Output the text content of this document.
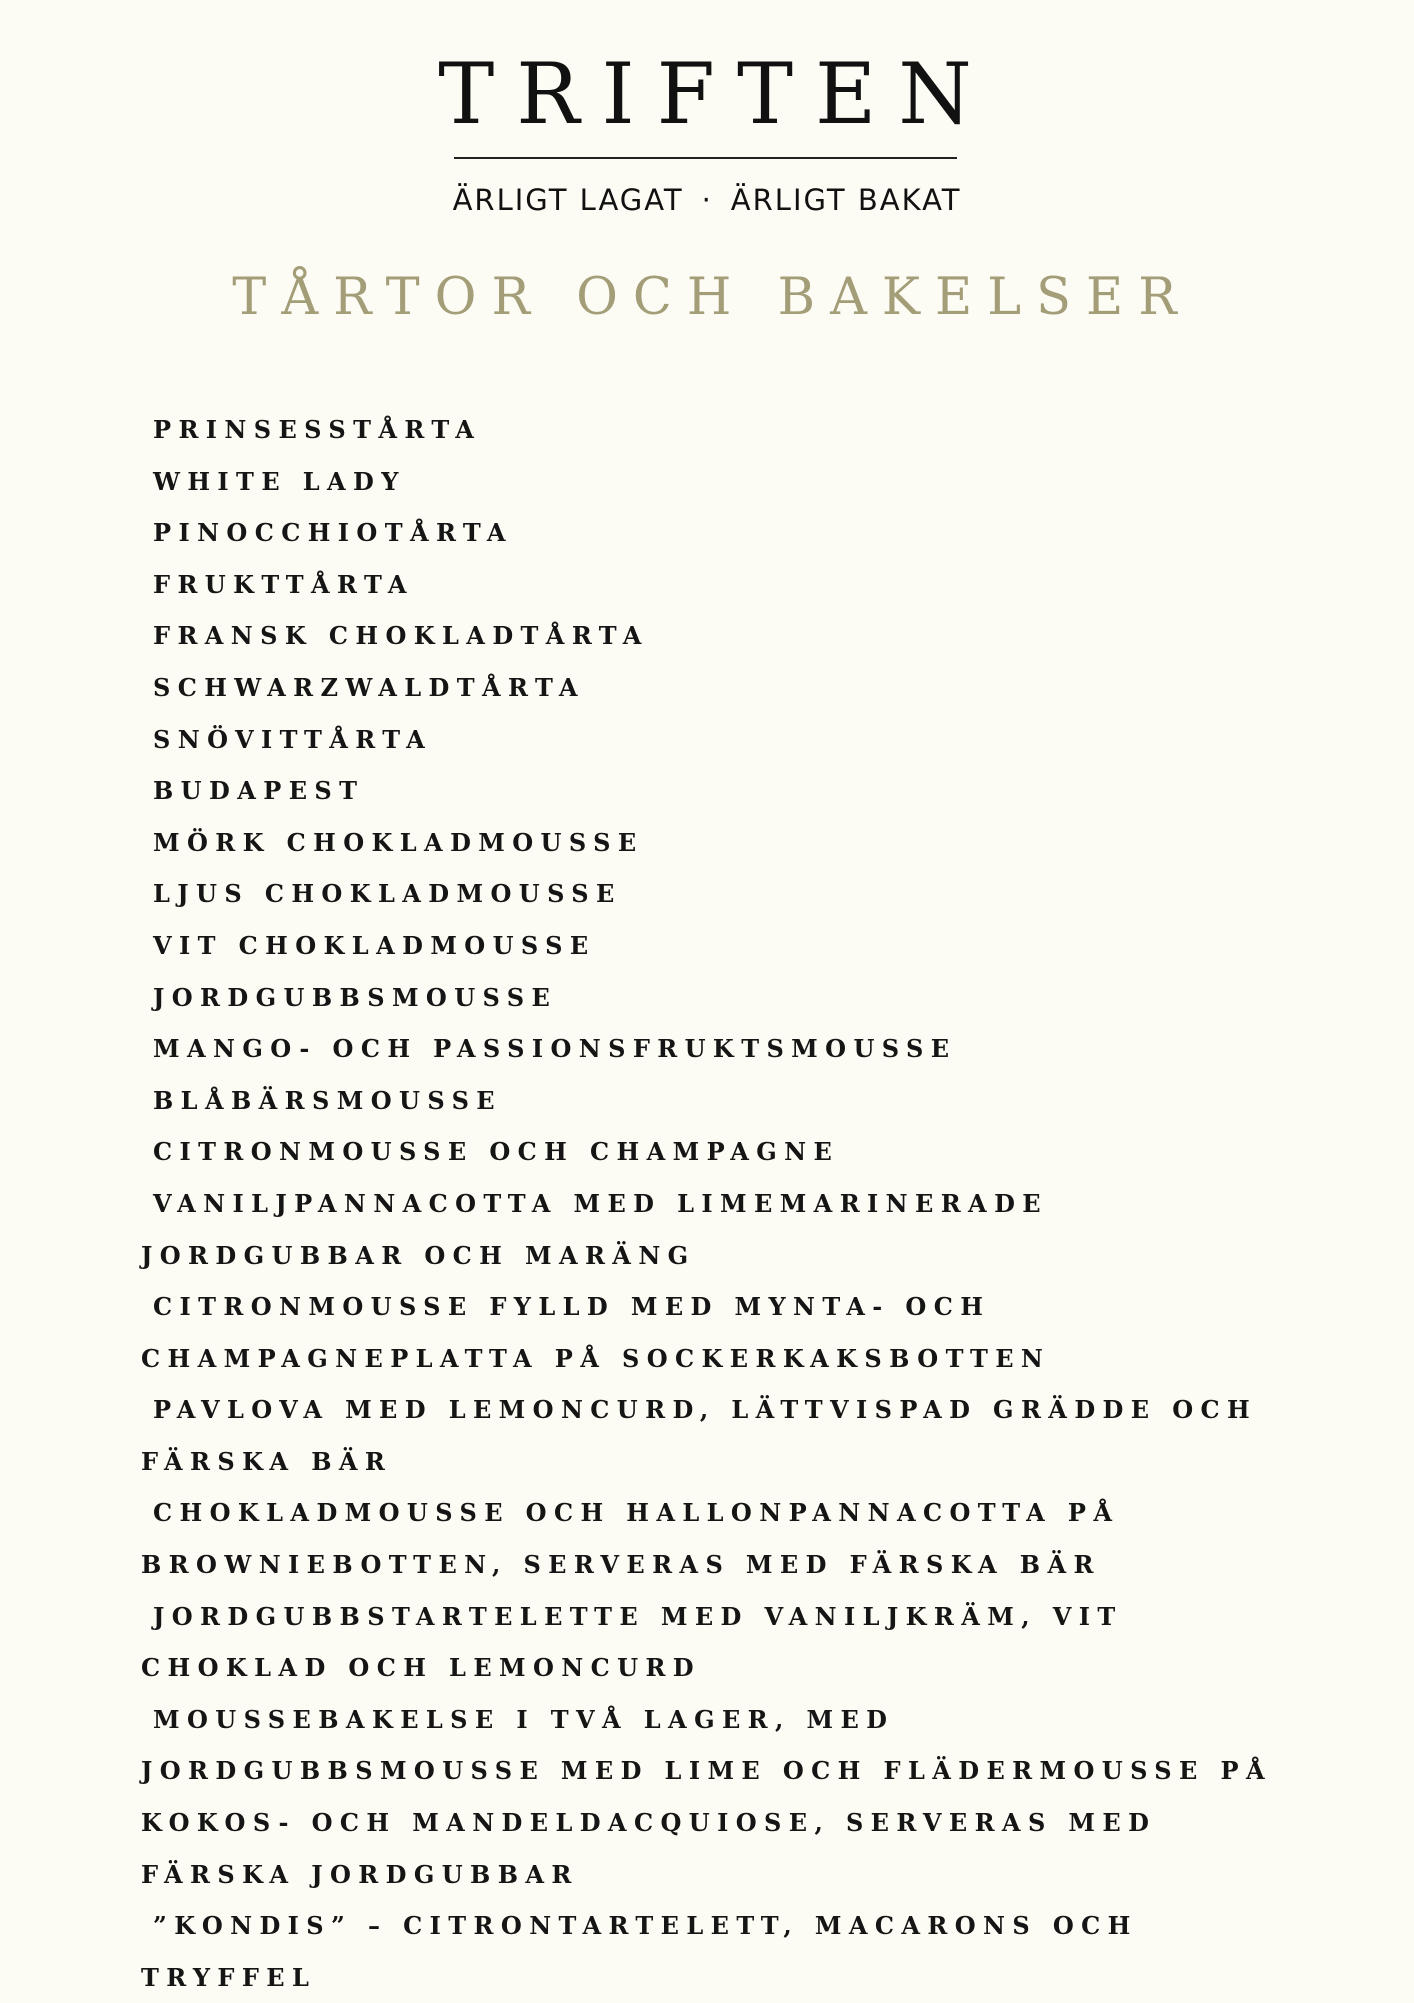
TRIFTEN
ÄRLIGT LAGAT · ÄRLIGT BAKAT
TÅRTOR OCH BAKELSER
PRINSESSTÅRTA
WHITE LADY
PINOCCHIOTÅRTA
FRUKTTÅRTA
FRANSK CHOKLADTÅRTA
SCHWARZWALDTÅRTA
SNÖVITTÅRTA
BUDAPEST
MÖRK CHOKLADMOUSSE
LJUS CHOKLADMOUSSE
VIT CHOKLADMOUSSE
JORDGUBBSMOUSSE
MANGO- OCH PASSIONSFRUKTSMOUSSE
BLÅBÄRSMOUSSE
CITRONMOUSSE OCH CHAMPAGNE
VANILJPANNACOTTA MED LIMEMARINERADE JORDGUBBAR OCH MARÄNG
CITRONMOUSSE FYLLD MED MYNTA- OCH CHAMPAGNEPLATTA PÅ SOCKERKAKSBOTTEN
PAVLOVA MED LEMONCURD, LÄTTVISPAD GRÄDDE OCH FÄRSKA BÄR
CHOKLADMOUSSE OCH HALLONPANNACOTTA PÅ BROWNIEBOTTEN, SERVERAS MED FÄRSKA BÄR
JORDGUBBSTARTELETTE MED VANILJKRÄM, VIT CHOKLAD OCH LEMONCURD
MOUSSEBAKELSE I TVÅ LAGER, MED JORDGUBBSMOUSSE MED LIME OCH FLÄDERMOUSSE PÅ KOKOS- OCH MANDELDACQUIOSE, SERVERAS MED FÄRSKA JORDGUBBAR
”KONDIS” – CITRONTARTELETT, MACARONS OCH TRYFFEL
